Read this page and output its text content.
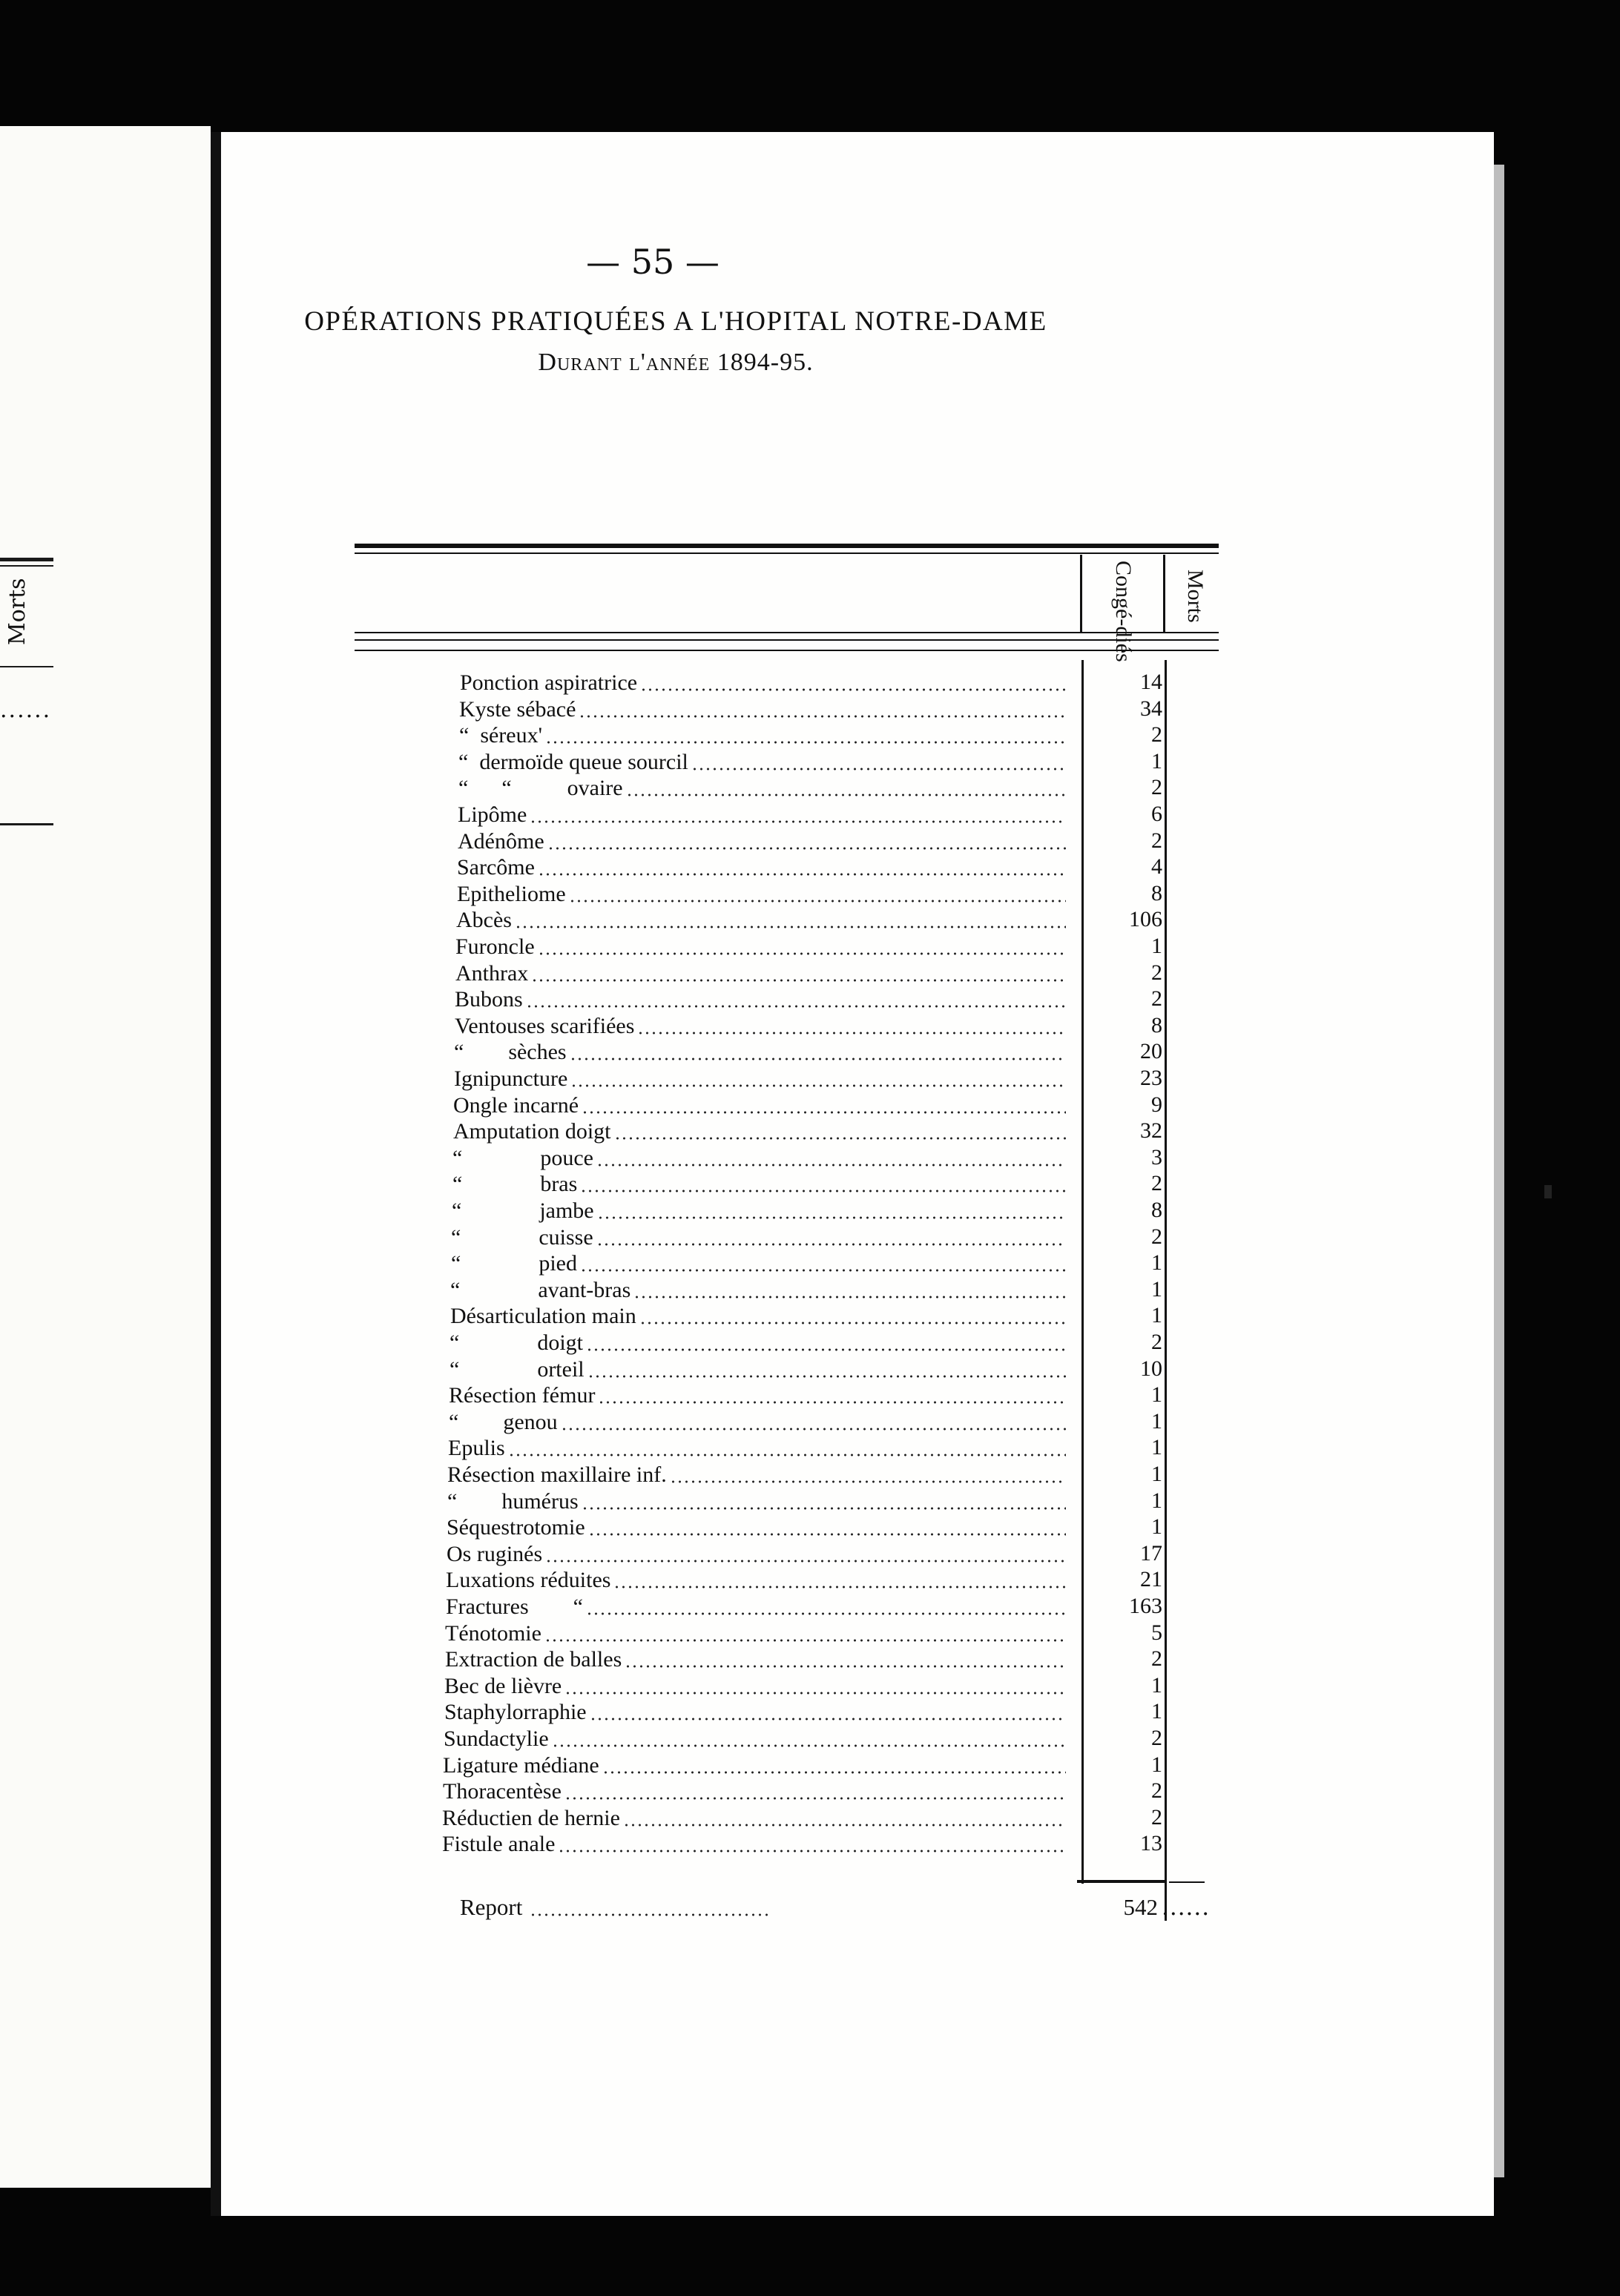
Morts
......
— 55 —
OPÉRATIONS PRATIQUÉES A L'HOPITAL NOTRE-DAME
Durant l'année 1894-95.
Congé-diés Morts
Ponction aspiratrice	14
Kyste sébacé	34
“  séreux'	2
“  dermoïde queue sourcil	1
“      “          ovaire	2
Lipôme	6
Adénôme	2
Sarcôme	4
Epitheliome	8
Abcès	106
Furoncle	1
Anthrax	2
Bubons	2
Ventouses scarifiées	8
“        sèches	20
Ignipuncture	23
Ongle incarné	9
Amputation doigt	32
“              pouce	3
“              bras	2
“              jambe	8
“              cuisse	2
“              pied	1
“              avant-bras	1
Désarticulation main	1
“              doigt	2
“              orteil	10
Résection fémur	1
“        genou	1
Epulis	1
Résection maxillaire inf.	1
“        humérus	1
Séquestrotomie	1
Os ruginés	17
Luxations réduites	21
Fractures        “	163
Ténotomie	5
Extraction de balles	2
Bec de lièvre	1
Staphylorraphie	1
Sundactylie	2
Ligature médiane	1
Thoracentèse	2
Réductien de hernie	2
Fistule anale	13
Report	542 ......
